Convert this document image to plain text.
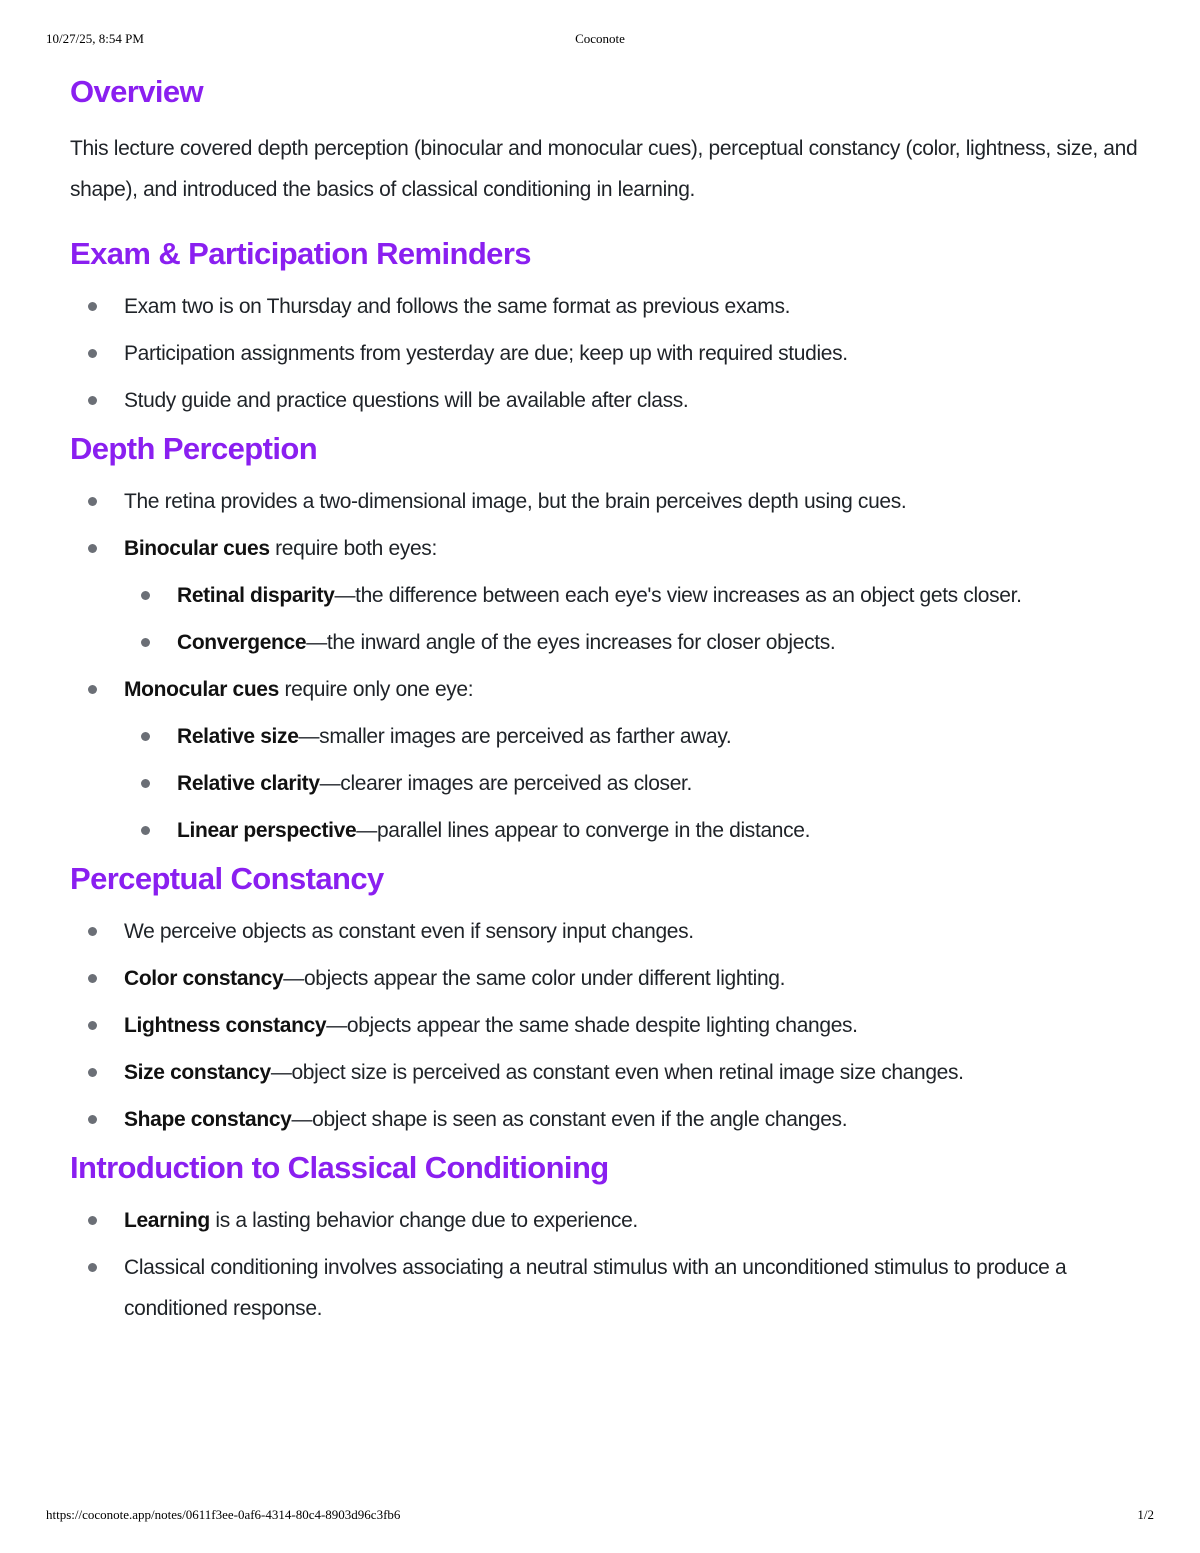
10/27/25, 8:54 PM	Coconote
Overview

This lecture covered depth perception (binocular and monocular cues), perceptual constancy (color, lightness, size, and shape), and introduced the basics of classical conditioning in learning.

Exam & Participation Reminders
Exam two is on Thursday and follows the same format as previous exams.
Participation assignments from yesterday are due; keep up with required studies.
Study guide and practice questions will be available after class.
Depth Perception
The retina provides a two-dimensional image, but the brain perceives depth using cues.
Binocular cues require both eyes:
Retinal disparity—the difference between each eye's view increases as an object gets closer.
Convergence—the inward angle of the eyes increases for closer objects.
Monocular cues require only one eye:
Relative size—smaller images are perceived as farther away.
Relative clarity—clearer images are perceived as closer.
Linear perspective—parallel lines appear to converge in the distance.
Perceptual Constancy
We perceive objects as constant even if sensory input changes.
Color constancy—objects appear the same color under different lighting.
Lightness constancy—objects appear the same shade despite lighting changes.
Size constancy—object size is perceived as constant even when retinal image size changes.
Shape constancy—object shape is seen as constant even if the angle changes.
Introduction to Classical Conditioning
Learning is a lasting behavior change due to experience.
Classical conditioning involves associating a neutral stimulus with an unconditioned stimulus to produce a conditioned response.
https://coconote.app/notes/0611f3ee-0af6-4314-80c4-8903d96c3fb6	1/2
